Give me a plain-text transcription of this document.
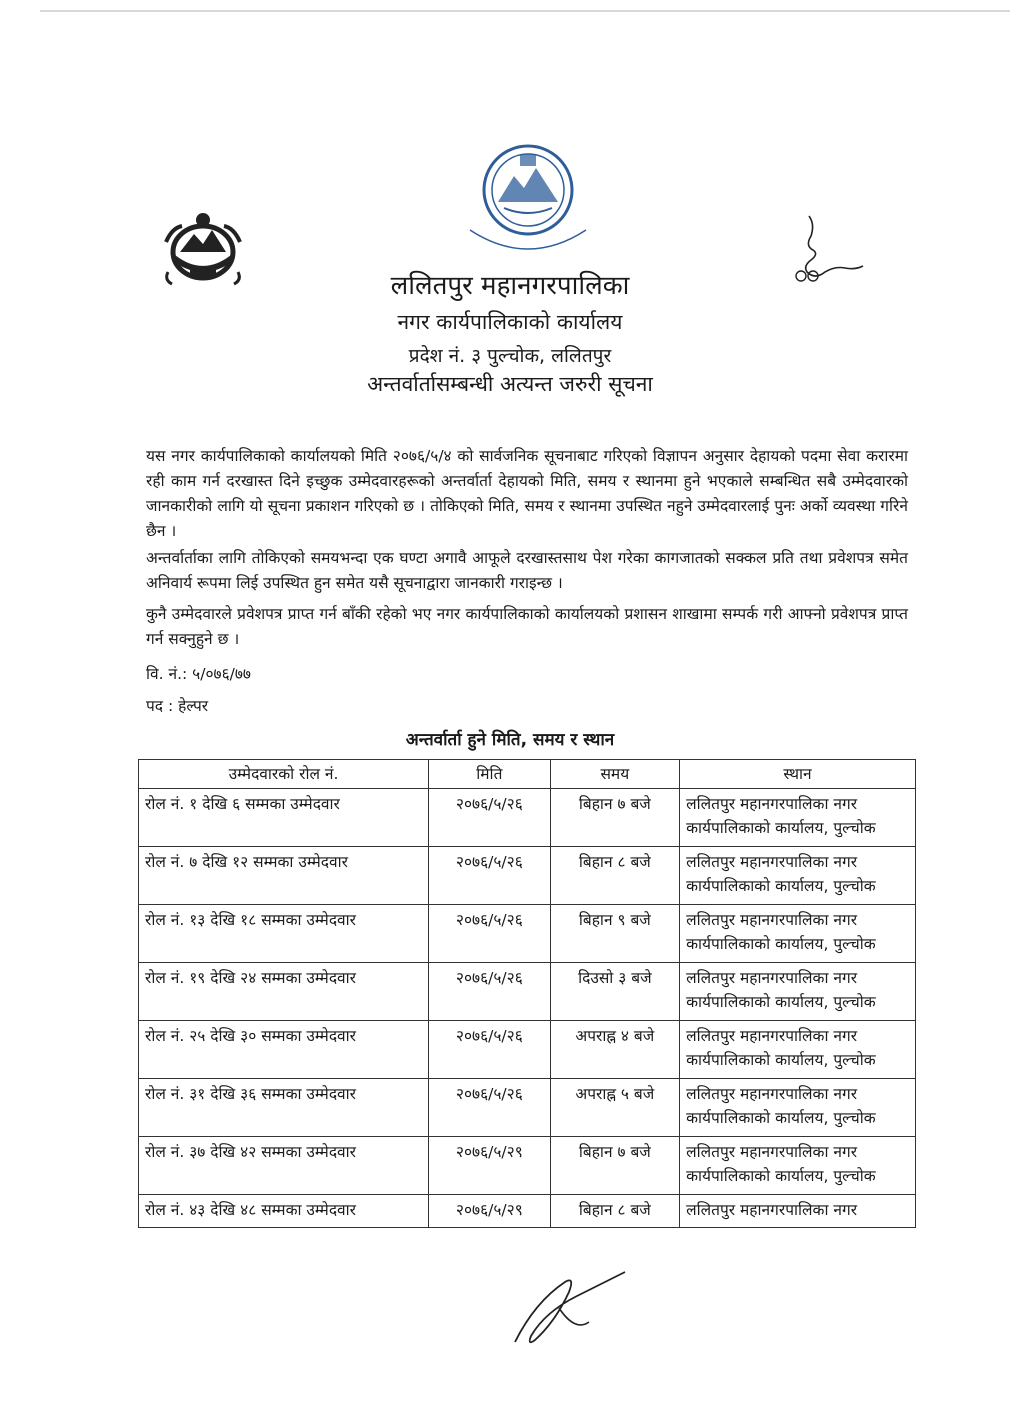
ललितपुर महानगरपालिका
नगर कार्यपालिकाको कार्यालय
प्रदेश नं. ३ पुल्चोक, ललितपुर
अन्तर्वार्तासम्बन्धी अत्यन्त जरुरी सूचना
यस नगर कार्यपालिकाको कार्यालयको मिति २०७६/५/४ को सार्वजनिक सूचनाबाट गरिएको विज्ञापन अनुसार देहायको पदमा सेवा करारमा रही काम गर्न दरखास्त दिने इच्छुक उम्मेदवारहरूको अन्तर्वार्ता देहायको मिति, समय र स्थानमा हुने भएकाले सम्बन्धित सबै उम्मेदवारको जानकारीको लागि यो सूचना प्रकाशन गरिएको छ । तोकिएको मिति, समय र स्थानमा उपस्थित नहुने उम्मेदवारलाई पुनः अर्को व्यवस्था गरिने छैन ।
अन्तर्वार्ताका लागि तोकिएको समयभन्दा एक घण्टा अगावै आफूले दरखास्तसाथ पेश गरेका कागजातको सक्कल प्रति तथा प्रवेशपत्र समेत अनिवार्य रूपमा लिई उपस्थित हुन समेत यसै सूचनाद्वारा जानकारी गराइन्छ ।
कुनै उम्मेदवारले प्रवेशपत्र प्राप्त गर्न बाँकी रहेको भए नगर कार्यपालिकाको कार्यालयको प्रशासन शाखामा सम्पर्क गरी आफ्नो प्रवेशपत्र प्राप्त गर्न सक्नुहुने छ ।
वि. नं.: ५/०७६/७७
पद : हेल्पर
अन्तर्वार्ता हुने मिति, समय र स्थान
उम्मेदवारको रोल नं.	मिति	समय	स्थान
रोल नं. १ देखि ६ सम्मका उम्मेदवार	२०७६/५/२६	बिहान ७ बजे	ललितपुर महानगरपालिका नगर
कार्यपालिकाको कार्यालय, पुल्चोक

रोल नं. ७ देखि १२ सम्मका उम्मेदवार	२०७६/५/२६	बिहान ८ बजे	ललितपुर महानगरपालिका नगर
कार्यपालिकाको कार्यालय, पुल्चोक

रोल नं. १३ देखि १८ सम्मका उम्मेदवार	२०७६/५/२६	बिहान ९ बजे	ललितपुर महानगरपालिका नगर
कार्यपालिकाको कार्यालय, पुल्चोक

रोल नं. १९ देखि २४ सम्मका उम्मेदवार	२०७६/५/२६	दिउसो ३ बजे	ललितपुर महानगरपालिका नगर
कार्यपालिकाको कार्यालय, पुल्चोक

रोल नं. २५ देखि ३० सम्मका उम्मेदवार	२०७६/५/२६	अपराह्न ४ बजे	ललितपुर महानगरपालिका नगर
कार्यपालिकाको कार्यालय, पुल्चोक

रोल नं. ३१ देखि ३६ सम्मका उम्मेदवार	२०७६/५/२६	अपराह्न ५ बजे	ललितपुर महानगरपालिका नगर
कार्यपालिकाको कार्यालय, पुल्चोक

रोल नं. ३७ देखि ४२ सम्मका उम्मेदवार	२०७६/५/२९	बिहान ७ बजे	ललितपुर महानगरपालिका नगर
कार्यपालिकाको कार्यालय, पुल्चोक

रोल नं. ४३ देखि ४८ सम्मका उम्मेदवार	२०७६/५/२९	बिहान ८ बजे	ललितपुर महानगरपालिका नगर
